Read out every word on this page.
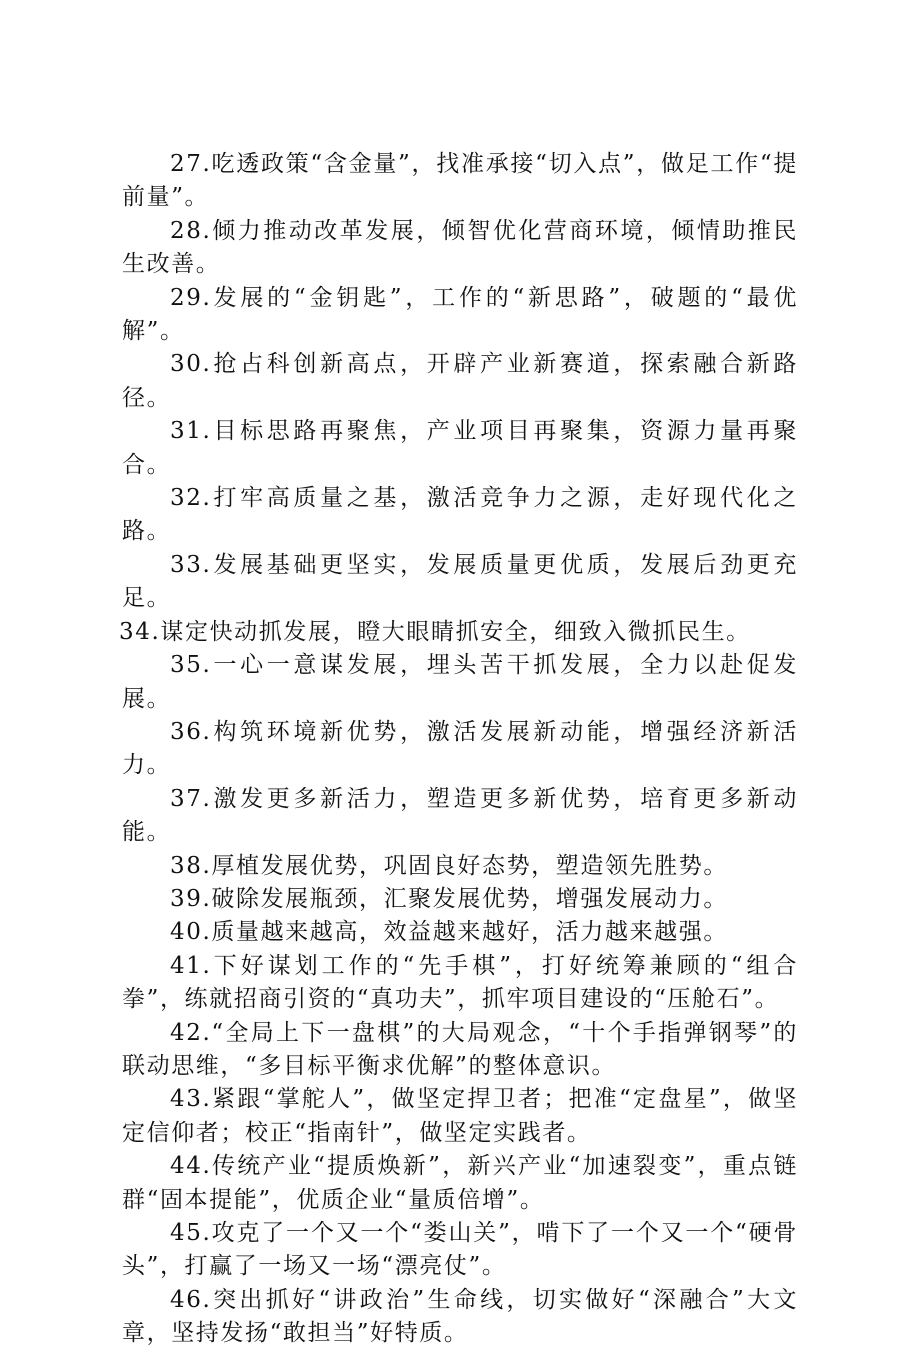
27.吃透政策“含金量”，找准承接“切入点”，做足工作“提前量”。

28.倾力推动改革发展，倾智优化营商环境，倾情助推民生改善。

29.发展的“金钥匙”，工作的“新思路”，破题的“最优解”。

30.抢占科创新高点，开辟产业新赛道，探索融合新路径。

31.目标思路再聚焦，产业项目再聚集，资源力量再聚合。

32.打牢高质量之基，激活竞争力之源，走好现代化之路。

33.发展基础更坚实，发展质量更优质，发展后劲更充足。

34.谋定快动抓发展，瞪大眼睛抓安全，细致入微抓民生。

35.一心一意谋发展，埋头苦干抓发展，全力以赴促发展。

36.构筑环境新优势，激活发展新动能，增强经济新活力。

37.激发更多新活力，塑造更多新优势，培育更多新动能。

38.厚植发展优势，巩固良好态势，塑造领先胜势。

39.破除发展瓶颈，汇聚发展优势，增强发展动力。

40.质量越来越高，效益越来越好，活力越来越强。

41.下好谋划工作的“先手棋”，打好统筹兼顾的“组合拳”，练就招商引资的“真功夫”，抓牢项目建设的“压舱石”。

42.“全局上下一盘棋”的大局观念，“十个手指弹钢琴”的联动思维，“多目标平衡求优解”的整体意识。

43.紧跟“掌舵人”，做坚定捍卫者；把准“定盘星”，做坚定信仰者；校正“指南针”，做坚定实践者。

44.传统产业“提质焕新”，新兴产业“加速裂变”，重点链群“固本提能”，优质企业“量质倍增”。

45.攻克了一个又一个“娄山关”，啃下了一个又一个“硬骨头”，打赢了一场又一场“漂亮仗”。

46.突出抓好“讲政治”生命线，切实做好“深融合”大文章，坚持发扬“敢担当”好特质。
